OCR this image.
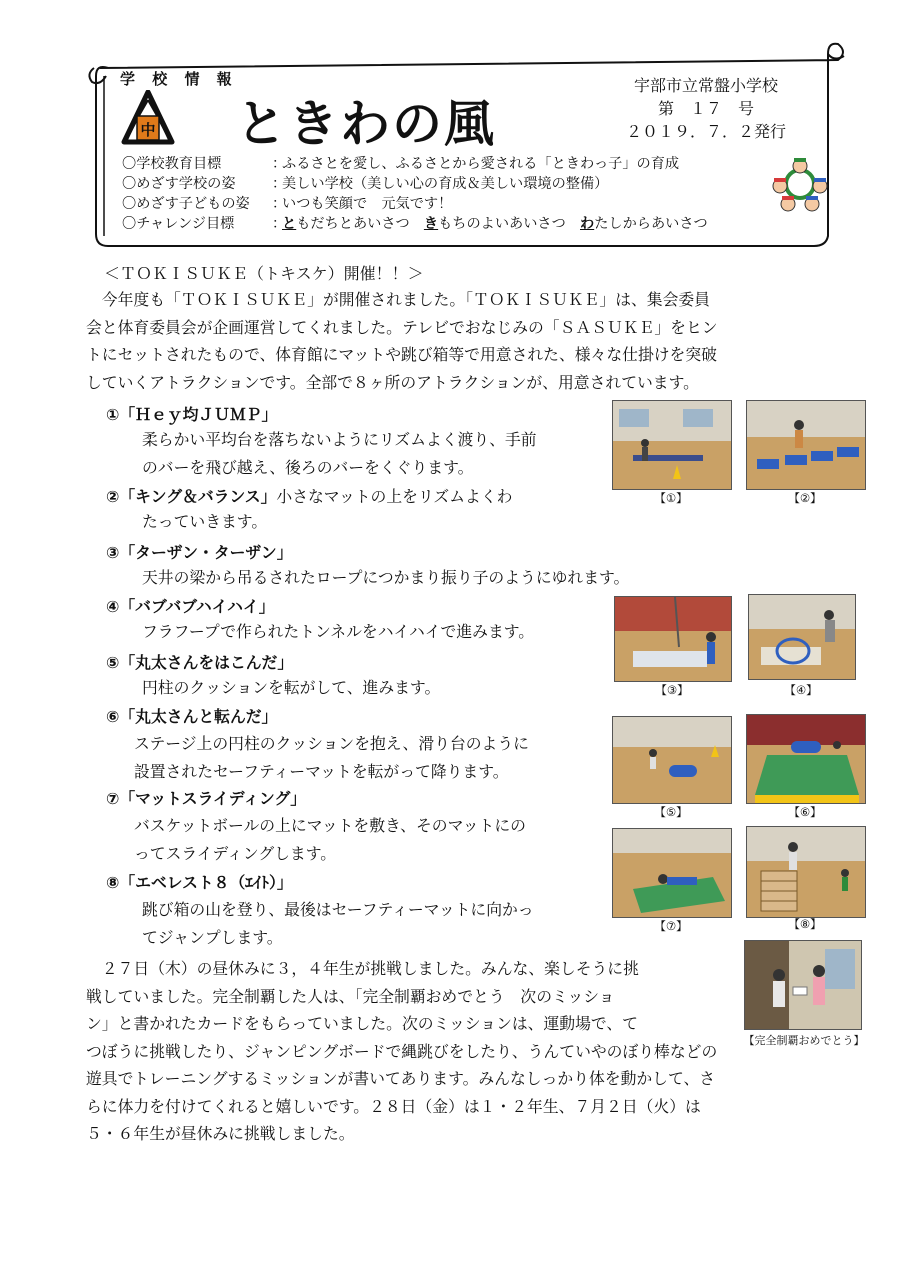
中
学 校 情 報
ときわの風
宇部市立常盤小学校
第　１７　号
２０１９．７．２発行
〇学校教育目標	：ふるさとを愛し、ふるさとから愛される「ときわっ子」の育成
〇めざす学校の姿	：美しい学校（美しい心の育成＆美しい環境の整備）
〇めざす子どもの姿 ：いつも笑顔で　元気です！
〇チャレンジ目標	：ともだちとあいさつ　きもちのよいあいさつ　わたしからあいさつ
＜ＴＯＫＩＳＵＫＥ（トキスケ）開催！！＞
　今年度も「ＴＯＫＩＳＵＫＥ」が開催されました。「ＴＯＫＩＳＵＫＥ」は、集会委員
会と体育委員会が企画運営してくれました。テレビでおなじみの「ＳＡＳＵＫＥ」をヒン
トにセットされたもので、体育館にマットや跳び箱等で用意された、様々な仕掛けを突破
していくアトラクションです。全部で８ヶ所のアトラクションが、用意されています。
①「Ｈｅｙ均ＪＵＭＰ」
柔らかい平均台を落ちないようにリズムよく渡り、手前
のバーを飛び越え、後ろのバーをくぐります。
②「キング＆バランス」小さなマットの上をリズムよくわ
たっていきます。
③「ターザン・ターザン」
天井の梁から吊るされたロープにつかまり振り子のようにゆれます。
④「バブバブハイハイ」
フラフープで作られたトンネルをハイハイで進みます。
⑤「丸太さんをはこんだ」
円柱のクッションを転がして、進みます。
⑥「丸太さんと転んだ」
ステージ上の円柱のクッションを抱え、滑り台のように
設置されたセーフティーマットを転がって降ります。
⑦「マットスライディング」
バスケットボールの上にマットを敷き、そのマットにの
ってスライディングします。
⑧「エベレスト８（ｴｲﾄ）」
跳び箱の山を登り、最後はセーフティーマットに向かっ
てジャンプします。
　２７日（木）の昼休みに３，４年生が挑戦しました。みんな、楽しそうに挑
戦していました。完全制覇した人は、「完全制覇おめでとう　次のミッショ
ン」と書かれたカードをもらっていました。次のミッションは、運動場で、て
つぼうに挑戦したり、ジャンピングボードで縄跳びをしたり、うんていやのぼり棒などの
遊具でトレーニングするミッションが書いてあります。みんなしっかり体を動かして、さ
らに体力を付けてくれると嬉しいです。２８日（金）は１・２年生、７月２日（火）は
５・６年生が昼休みに挑戦しました。
【①】	【②】
【③】	【④】
【⑤】	【⑥】
【⑦】	【⑧】
【完全制覇おめでとう】
